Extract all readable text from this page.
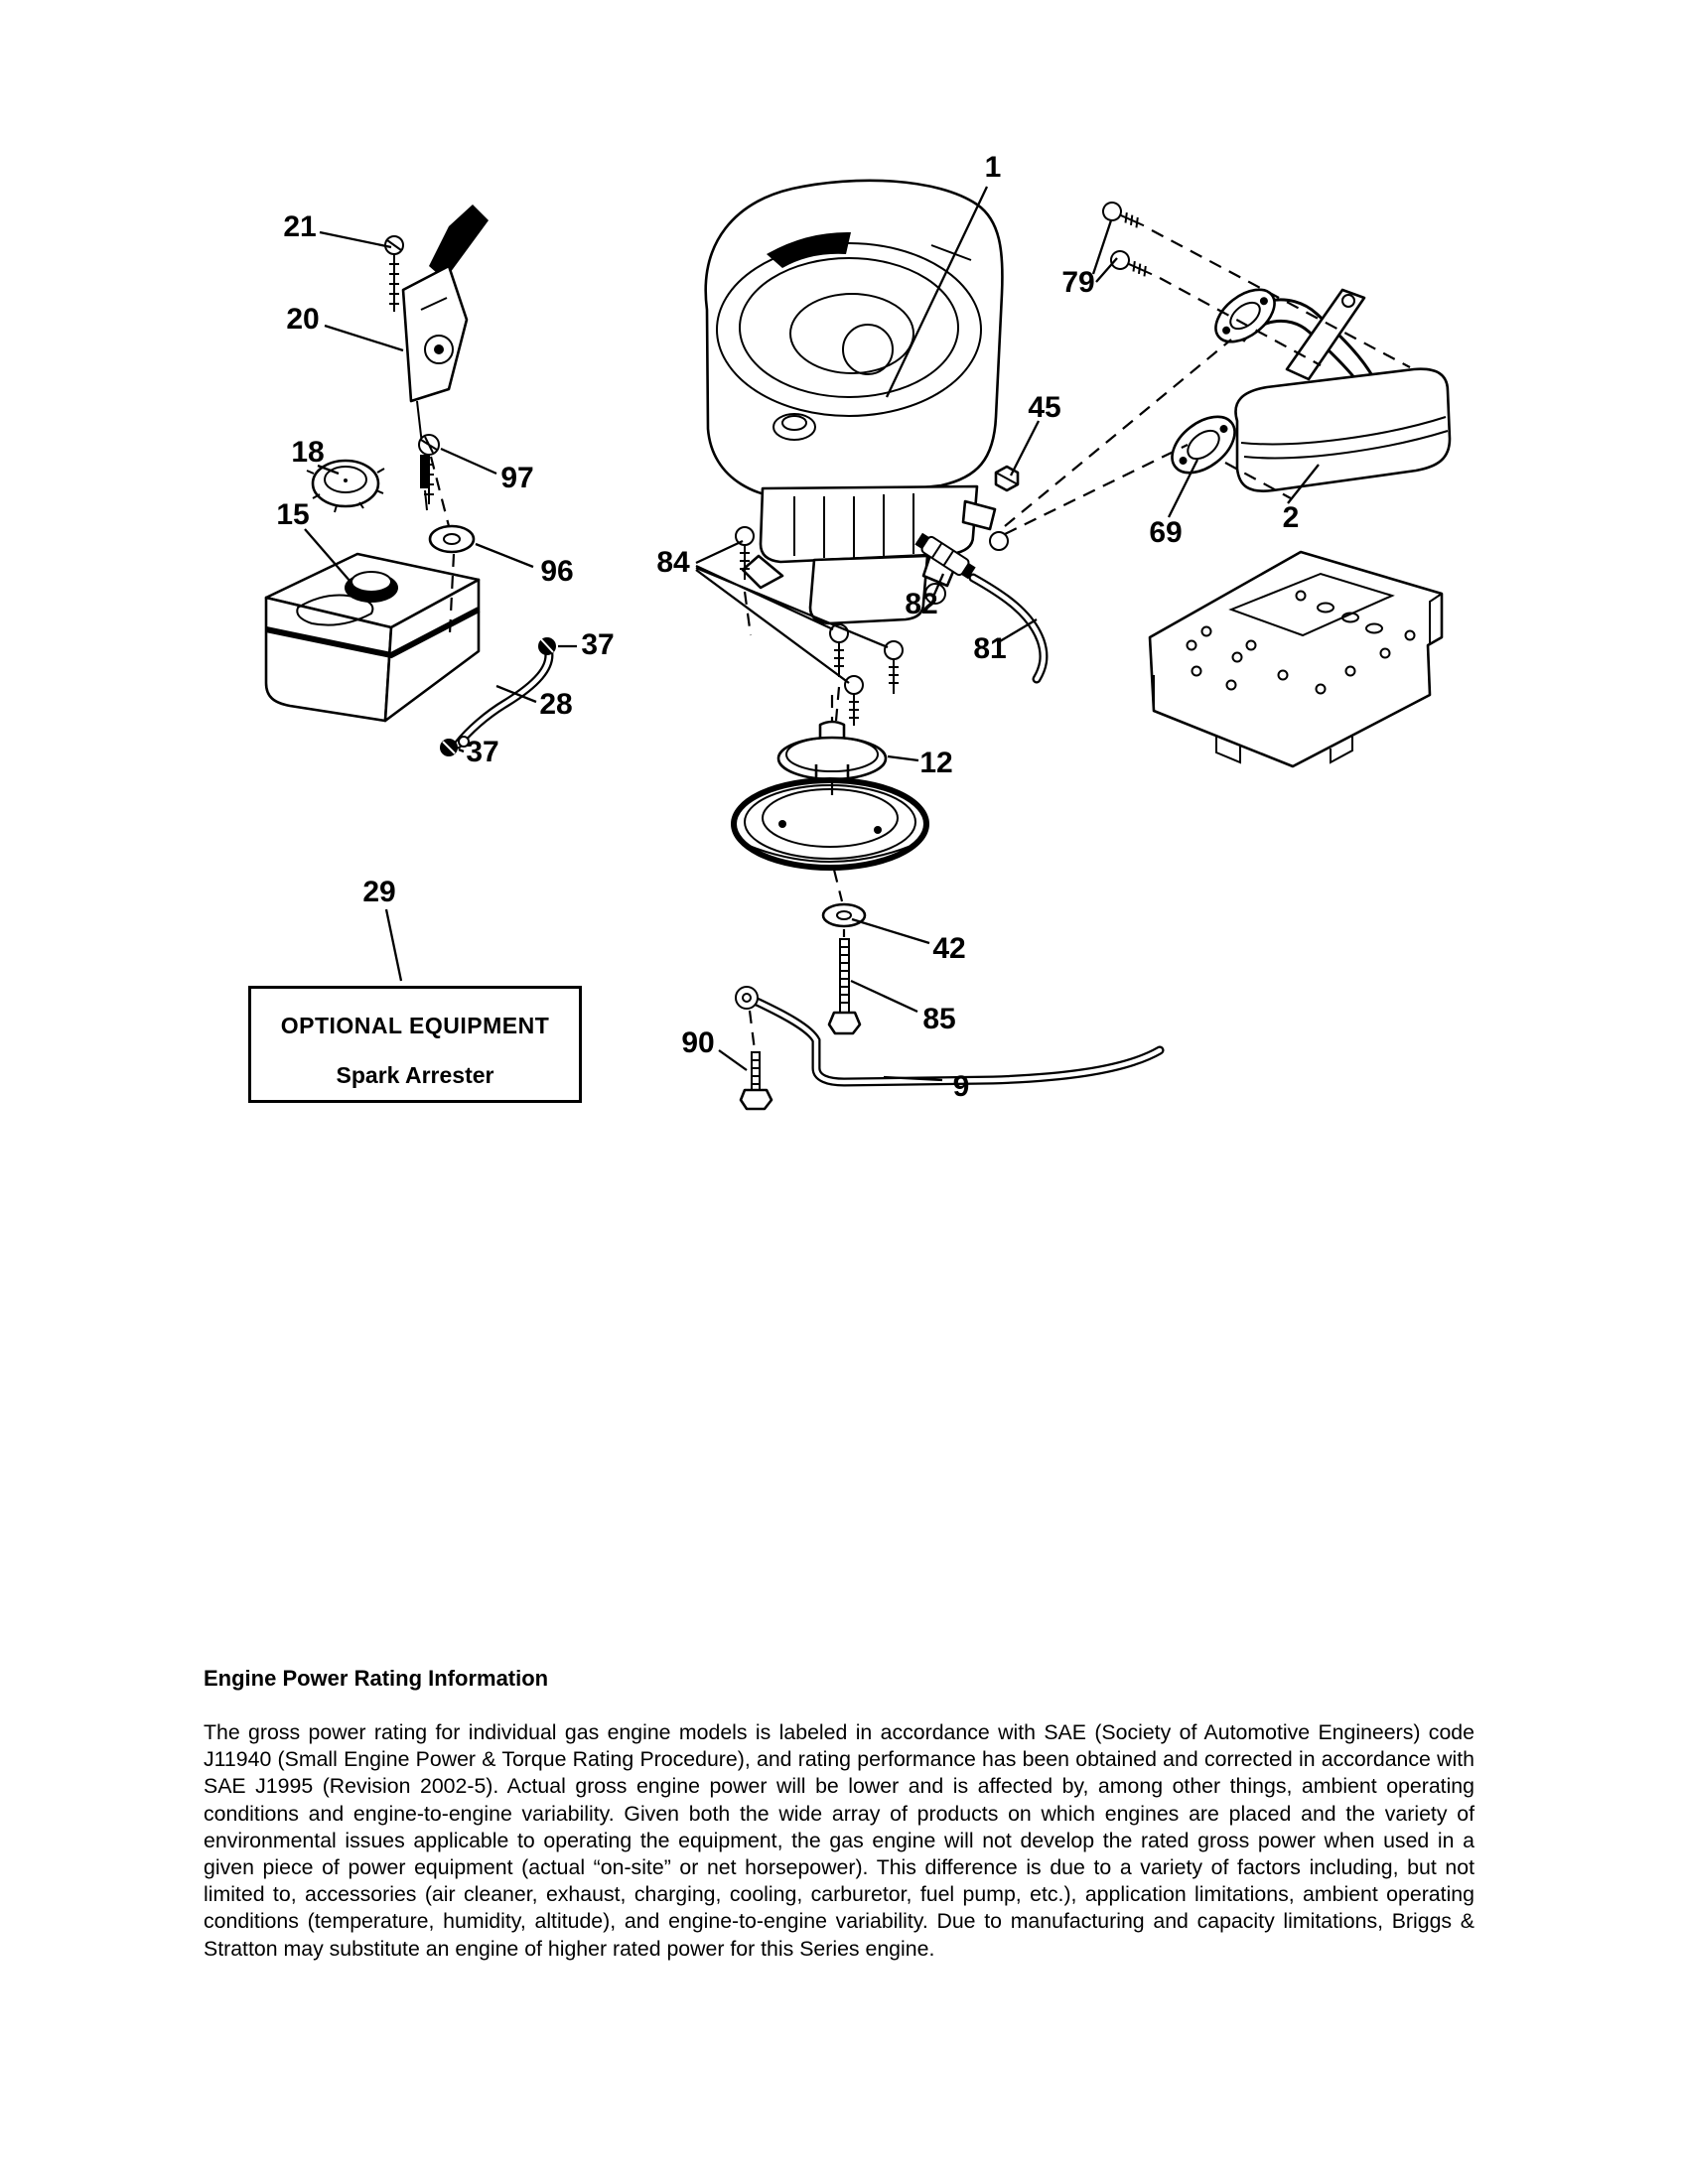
1
2
9
12
15
18
20
21
28
29
37
37
42
45
69
79
81
82
84
85
90
96
97
OPTIONAL EQUIPMENT
Spark Arrester
Engine Power Rating Information

The gross power rating for individual gas engine models is labeled in accordance with SAE (Society of Automotive Engineers) code J11940 (Small Engine Power & Torque Rating Procedure), and rating performance has been obtained and corrected in accordance with SAE J1995 (Revision 2002-5). Actual gross engine power will be lower and is affected by, among other things, ambient operating conditions and engine-to-engine variability. Given both the wide array of products on which engines are placed and the variety of environmental issues applicable to operating the equipment, the gas engine will not develop the rated gross power when used in a given piece of power equipment (actual “on-site” or net horsepower). This difference is due to a variety of factors including, but not limited to, accessories (air cleaner, exhaust, charging, cooling, carburetor, fuel pump, etc.), application limitations, ambient operating conditions (temperature, humidity, altitude), and engine-to-engine variability. Due to manufacturing and capacity limitations, Briggs & Stratton may substitute an engine of higher rated power for this Series engine.
